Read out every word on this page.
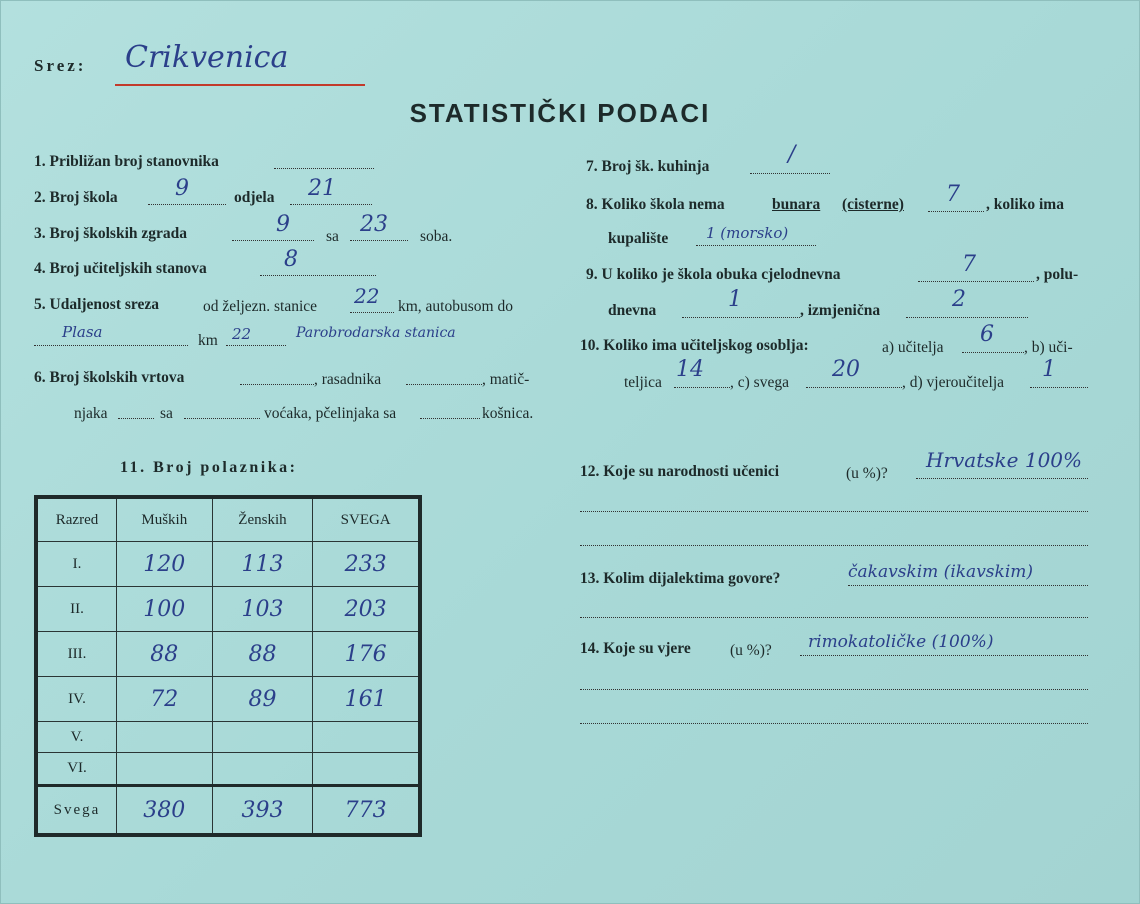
Srez: Crikvenica
STATISTIČKI PODACI
1. Približan broj stanovnika
2. Broj škola	9	odjela 21
3. Broj školskih zgrada	9 sa 23 soba.
4. Broj učiteljskih stanova	8
5. Udaljenost sreza	od željezn. stanice 22 km, autobusom do
Plasa	km 22	Parobrodarska stanica
6. Broj školskih vrtova	, rasadnika	, matič-
njaka	sa	voćaka, pčelinjaka sa	košnica.
11. Broj polaznika:
Razred	Muških	Ženskih	SVEGA
I.	120	113	233
II.	100	103	203
III.	88	88	176
IV.	72	89	161
V.			
VI.			
Svega	380	393	773
7. Broj šk. kuhinja	/
8. Koliko škola nema	bunara (cisterne) 7 , koliko ima
kupalište	1 (morsko)
9. U koliko je škola obuka cjelodnevna	7	, polu-
dnevna	1	, izmjenična	2
10. Koliko ima učiteljskog osoblja:	a) učitelja
6
, b) uči-
teljica
14
, c) svega
20
, d) vjeroučitelja
1
12. Koje su narodnosti učenici	(u %)?
Hrvatske 100%
13. Kolim dijalektima govore?	čakavskim (ikavskim)
14. Koje su vjere	(u %)? rimokatoličke (100%)
